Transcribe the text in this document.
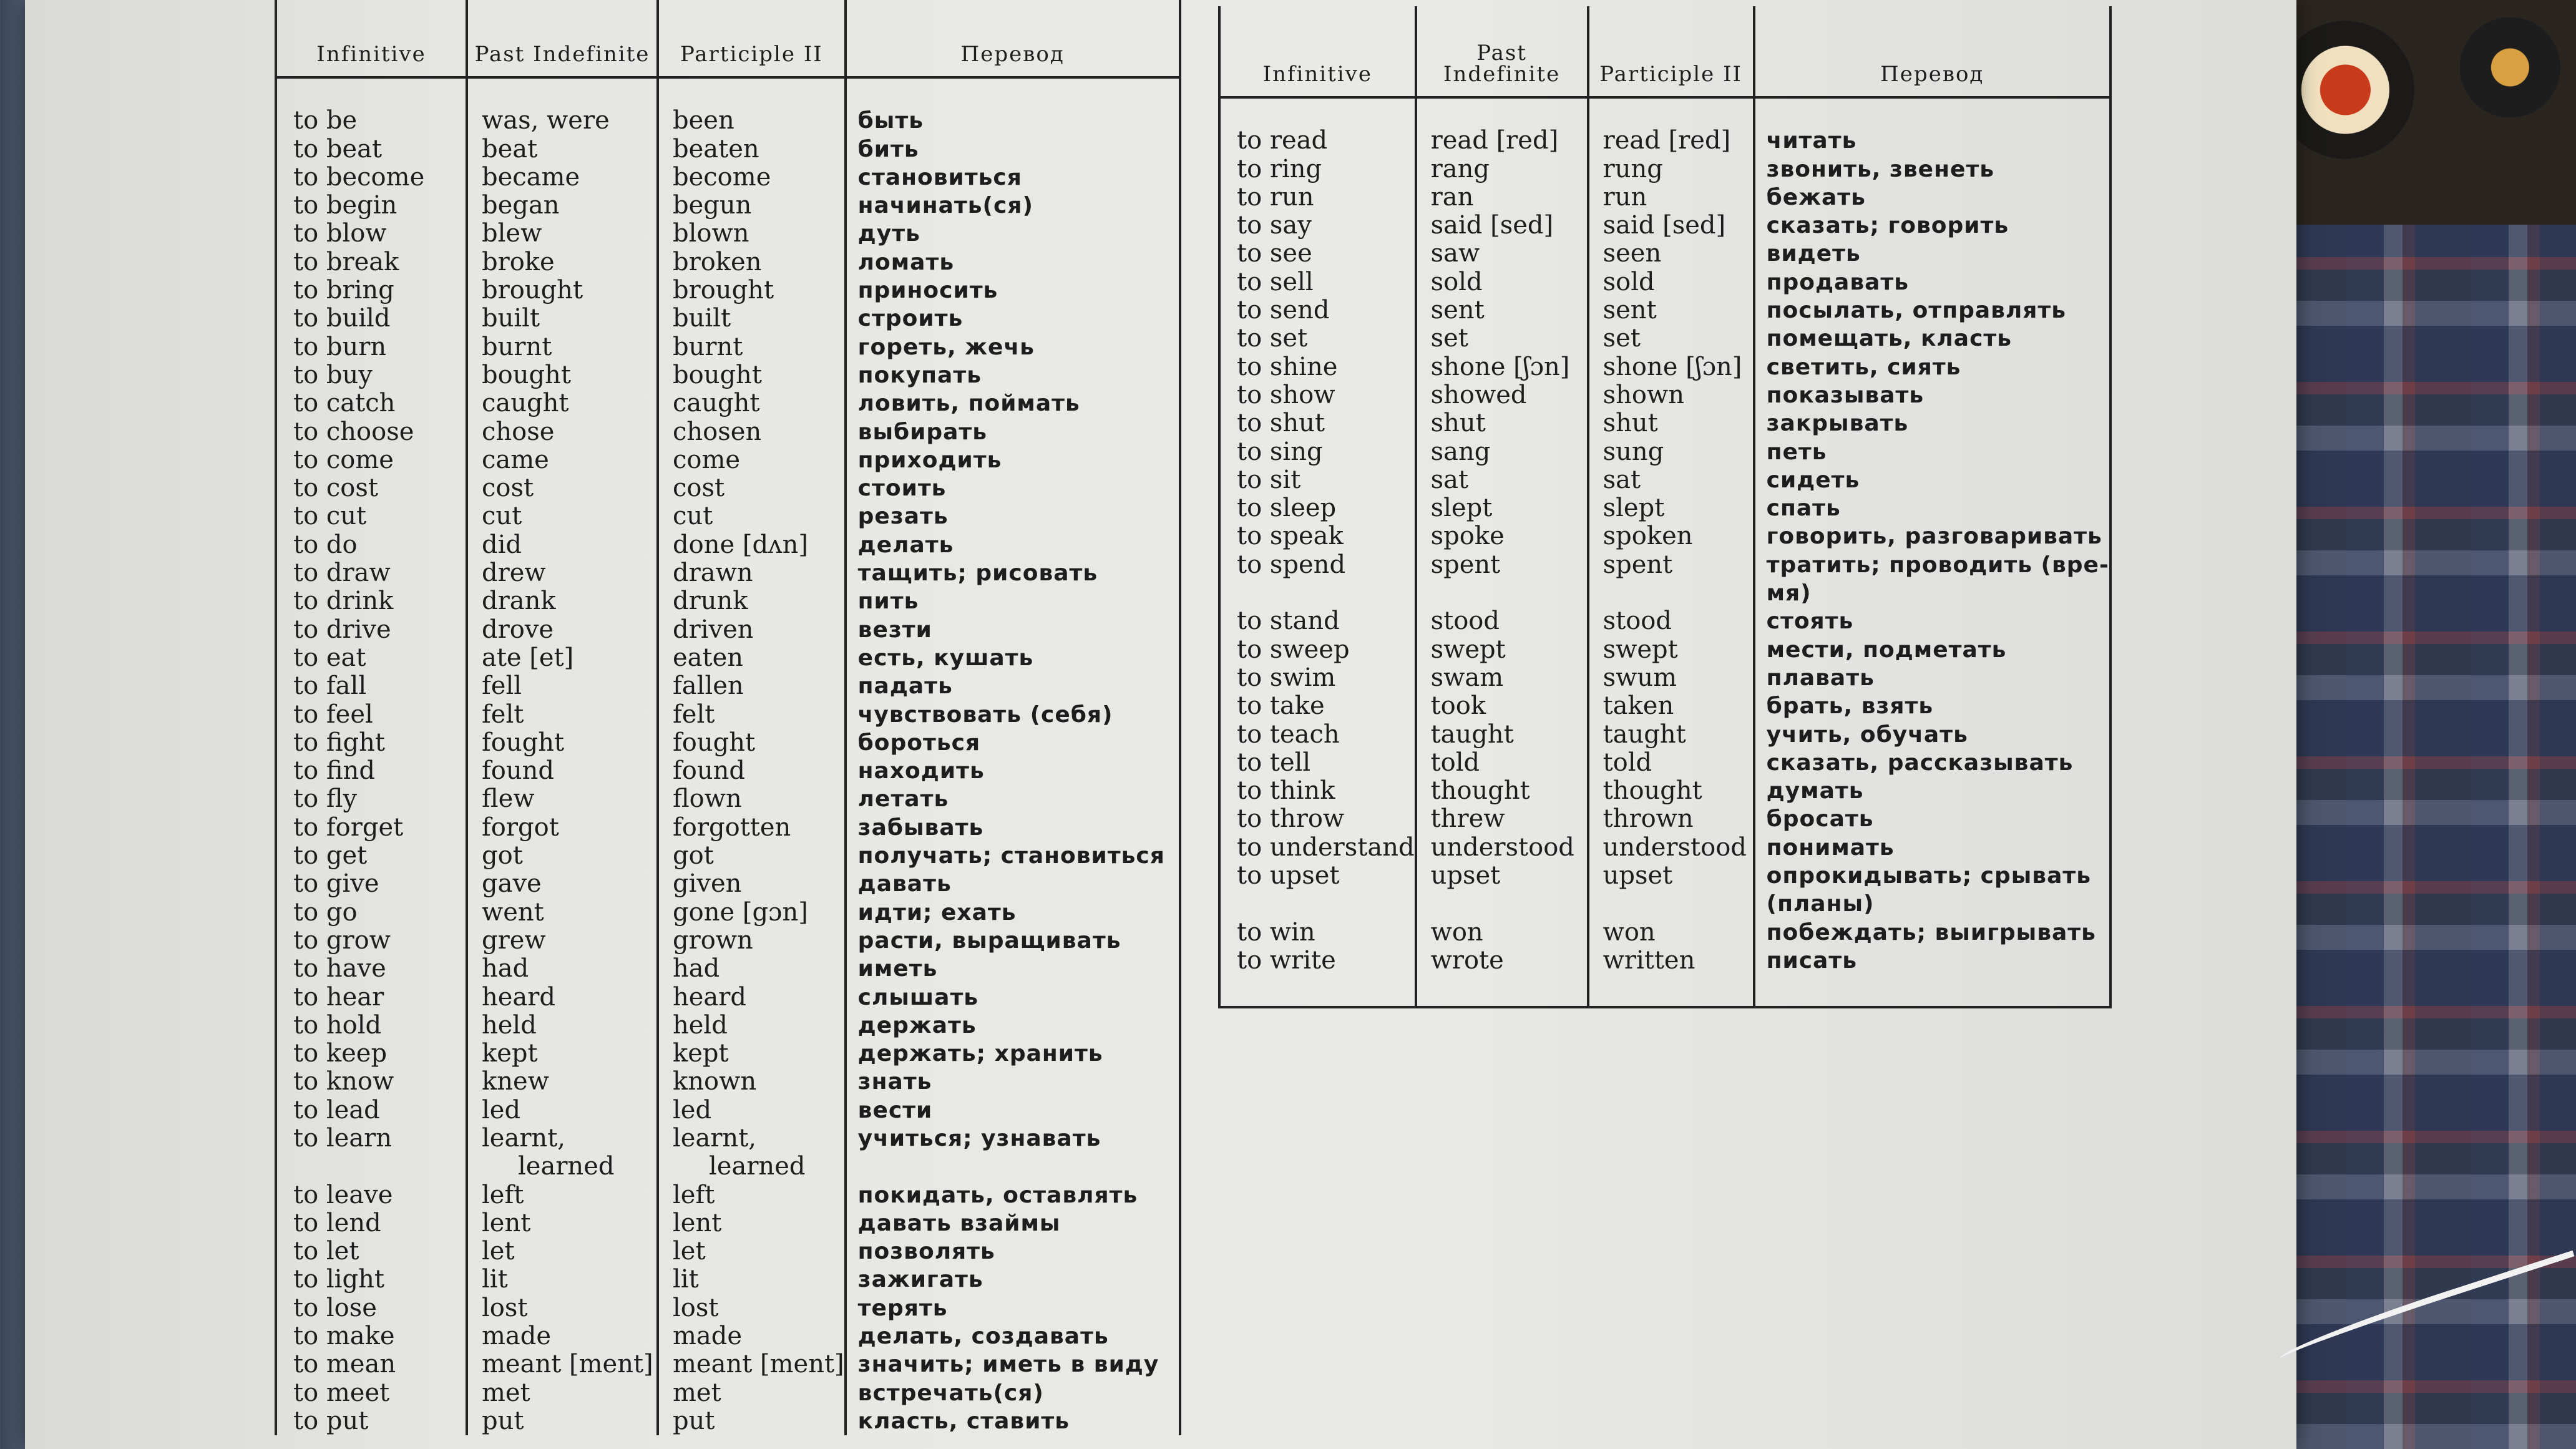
Infinitive	Past Indefinite	Participle II	Перевод

to be	was, were	been	быть
to beat	beat	beaten	бить
to become	became	become	становиться
to begin	began	begun	начинать(ся)
to blow	blew	blown	дуть
to break	broke	broken	ломать
to bring	brought	brought	приносить
to build	built	built	строить
to burn	burnt	burnt	гореть, жечь
to buy	bought	bought	покупать
to catch	caught	caught	ловить, поймать
to choose	chose	chosen	выбирать
to come	came	come	приходить
to cost	cost	cost	стоить
to cut	cut	cut	резать
to do	did	done [dʌn]	делать
to draw	drew	drawn	тащить; рисовать
to drink	drank	drunk	пить
to drive	drove	driven	везти
to eat	ate [et]	eaten	есть, кушать
to fall	fell	fallen	падать
to feel	felt	felt	чувствовать (себя)
to fight	fought	fought	бороться
to find	found	found	находить
to fly	flew	flown	летать
to forget	forgot	forgotten	забывать
to get	got	got	получать; становиться
to give	gave	given	давать
to go	went	gone [gɔn]	идти; ехать
to grow	grew	grown	расти, выращивать
to have	had	had	иметь
to hear	heard	heard	слышать
to hold	held	held	держать
to keep	kept	kept	держать; хранить
to know	knew	known	знать
to lead	led	led	вести
to learn	learnt,	learnt,	учиться; узнавать
	learned	learned	
to leave	left	left	покидать, оставлять
to lend	lent	lent	давать взаймы
to let	let	let	позволять
to light	lit	lit	зажигать
to lose	lost	lost	терять
to make	made	made	делать, создавать
to mean	meant [ment]	meant [ment]	значить; иметь в виду
to meet	met	met	встречать(ся)
to put	put	put	класть, ставить
Infinitive	Past Indefinite	Participle II	Перевод

to read	read [red]	read [red]	читать
to ring	rang	rung	звонить, звенеть
to run	ran	run	бежать
to say	said [sed]	said [sed]	сказать; говорить
to see	saw	seen	видеть
to sell	sold	sold	продавать
to send	sent	sent	посылать, отправлять
to set	set	set	помещать, класть
to shine	shone [ʃɔn]	shone [ʃɔn]	светить, сиять
to show	showed	shown	показывать
to shut	shut	shut	закрывать
to sing	sang	sung	петь
to sit	sat	sat	сидеть
to sleep	slept	slept	спать
to speak	spoke	spoken	говорить, разговаривать
to spend	spent	spent	тратить; проводить (вре-
			мя)
to stand	stood	stood	стоять
to sweep	swept	swept	мести, подметать
to swim	swam	swum	плавать
to take	took	taken	брать, взять
to teach	taught	taught	учить, обучать
to tell	told	told	сказать, рассказывать
to think	thought	thought	думать
to throw	threw	thrown	бросать
to understand	understood	understood	понимать
to upset	upset	upset	опрокидывать; срывать
			(планы)
to win	won	won	побеждать; выигрывать
to write	wrote	written	писать
